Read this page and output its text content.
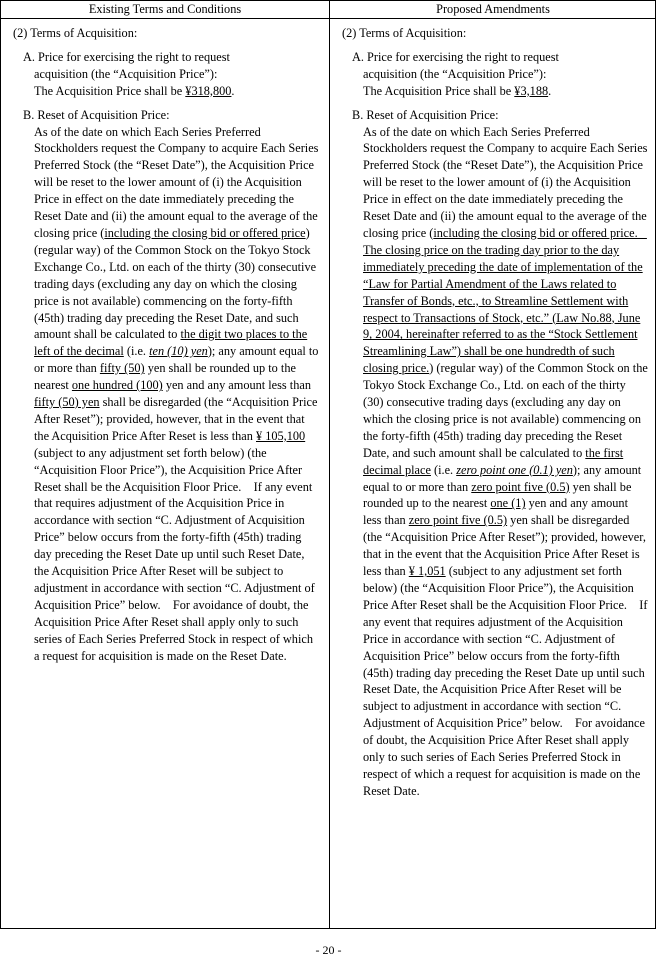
Existing Terms and Conditions	Proposed Amendments

(2) Terms of Acquisition:

A. Price for exercising the right to request
acquisition (the “Acquisition Price”):
The Acquisition Price shall be ¥318,800.
B. Reset of Acquisition Price:
As of the date on which Each Series Preferred Stockholders request the Company to acquire Each Series Preferred Stock (the “Reset Date”), the Acquisition Price will be reset to the lower amount of (i) the Acquisition Price in effect on the date immediately preceding the Reset Date and (ii) the amount equal to the average of the closing price (including the closing bid or offered price) (regular way) of the Common Stock on the Tokyo Stock Exchange Co., Ltd. on each of the thirty (30) consecutive trading days (excluding any day on which the closing price is not available) commencing on the forty-fifth (45th) trading day preceding the Reset Date, and such amount shall be calculated to the digit two places to the left of the decimal (i.e. ten (10) yen); any amount equal to or more than fifty (50) yen shall be rounded up to the nearest one hundred (100) yen and any amount less than fifty (50) yen shall be disregarded (the “Acquisition Price After Reset”); provided, however, that in the event that the Acquisition Price After Reset is less than ¥ 105,100 (subject to any adjustment set forth below) (the “Acquisition Floor Price”), the Acquisition Price After Reset shall be the Acquisition Floor Price.    If any event that requires adjustment of the Acquisition Price in accordance with section “C. Adjustment of Acquisition Price” below occurs from the forty-fifth (45th) trading day preceding the Reset Date up until such Reset Date, the Acquisition Price After Reset will be subject to adjustment in accordance with section “C. Adjustment of Acquisition Price” below.    For avoidance of doubt, the Acquisition Price After Reset shall apply only to such series of Each Series Preferred Stock in respect of which a request for acquisition is made on the Reset Date.

(2) Terms of Acquisition:

A. Price for exercising the right to request
acquisition (the “Acquisition Price”):
The Acquisition Price shall be ¥3,188.
B. Reset of Acquisition Price:
As of the date on which Each Series Preferred Stockholders request the Company to acquire Each Series Preferred Stock (the “Reset Date”), the Acquisition Price will be reset to the lower amount of (i) the Acquisition Price in effect on the date immediately preceding the Reset Date and (ii) the amount equal to the average of the closing price (including the closing bid or offered price.    The closing price on the trading day prior to the day immediately preceding the date of implementation of the “Law for Partial Amendment of the Laws related to Transfer of Bonds, etc., to Streamline Settlement with respect to Transactions of Stock, etc.” (Law No.88, June 9, 2004, hereinafter referred to as the “Stock Settlement Streamlining Law”) shall be one hundredth of such closing price.) (regular way) of the Common Stock on the Tokyo Stock Exchange Co., Ltd. on each of the thirty (30) consecutive trading days (excluding any day on which the closing price is not available) commencing on the forty-fifth (45th) trading day preceding the Reset Date, and such amount shall be calculated to the first decimal place (i.e. zero point one (0.1) yen); any amount equal to or more than zero point five (0.5) yen shall be rounded up to the nearest one (1) yen and any amount less than zero point five (0.5) yen shall be disregarded (the “Acquisition Price After Reset”); provided, however, that in the event that the Acquisition Price After Reset is less than ¥ 1,051 (subject to any adjustment set forth below) (the “Acquisition Floor Price”), the Acquisition Price After Reset shall be the Acquisition Floor Price.    If any event that requires adjustment of the Acquisition Price in accordance with section “C. Adjustment of Acquisition Price” below occurs from the forty-fifth (45th) trading day preceding the Reset Date up until such Reset Date, the Acquisition Price After Reset will be subject to adjustment in accordance with section “C. Adjustment of Acquisition Price” below.    For avoidance of doubt, the Acquisition Price After Reset shall apply only to such series of Each Series Preferred Stock in respect of which a request for acquisition is made on the Reset Date.
- 20 -
